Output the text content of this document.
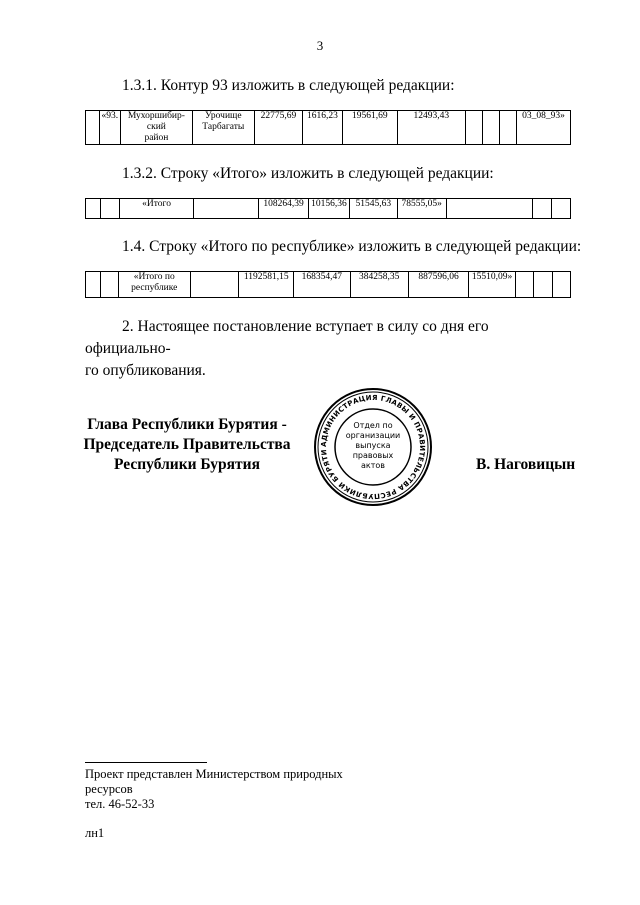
3
1.3.1. Контур 93 изложить в следующей редакции:
	«93.	Мухоршибир-
ский
район	Урочище
Тарбагаты	22775,69	1616,23	19561,69	12493,43				03_08_93»
1.3.2. Строку «Итого» изложить в следующей редакции:
		«Итого		108264,39	10156,36	51545,63	78555,05»			
1.4. Строку «Итого по республике» изложить в следующей редакции:
		«Итого по
республике		1192581,15	168354,47	384258,35	887596,06	15510,09»			
2. Настоящее постановление вступает в силу со дня его официально-
го опубликования.
Глава Республики Бурятия -
Председатель Правительства
Республики Бурятия	В. Наговицын
АДМИНИСТРАЦИЯ ГЛАВЫ И ПРАВИТЕЛЬСТВА РЕСПУБЛИКИ БУРЯТИ
Отдел по
организации
выпуска
правовых
актов
Проект представлен Министерством природных
ресурсов
тел. 46-52-33
лн1
